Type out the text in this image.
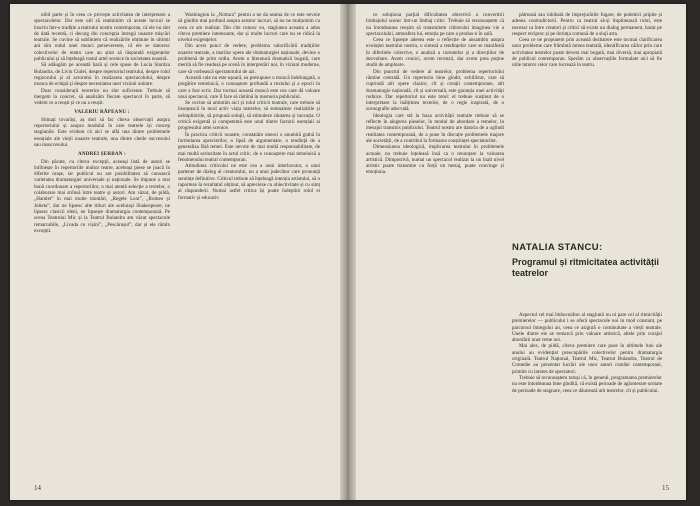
nibil parte și în ceea ce privește activitatea de interpretare a spectacolelor. Dar este util să reamintim că aceste lucruri se înscriu într-o tradiție a teatrului nostru contemporan, că ele nu sînt de dată recentă, ci decurg din concepția întregii noastre mișcări teatrale. Se cuvine să subliniem că realizările obținute în ultimii ani sînt rodul unei munci perseverente, că ele se datoresc colectivelor de teatru care au știut să răspundă exigențelor publicului și să înțeleagă rostul artei scenice în societatea noastră.

Să adăugăm pe această bază și cele spuse de Lucia Sturdza Bulandra, de Liviu Ciulei, despre repertoriul teatrului, despre rolul regizorului și al actorului în realizarea spectacolului, despre munca de echipă și despre necesitatea unei viziuni unitare.

Doar considerații teoretice nu sînt suficiente. Trebuie să mergem la concret, să analizăm fiecare spectacol în parte, să vedem ce a reușit și ce nu a reușit.

VALERIU RĂPEANU :

Stimați tovarăși, aș dori să fac cîteva observații asupra repertoriului și asupra modului în care teatrele își concep stagiunile. Este evident că aici se află una dintre problemele esențiale ale vieții noastre teatrale, una dintre cheile succesului sau insuccesului.

ANDREI ȘERBAN :

Din păcate, cu cîteva excepții, aceeași listă de autori se întîlnește în repertoriile multor teatre, aceleași piese se joacă în diferite orașe, iar publicul nu are posibilitatea să cunoască varietatea dramaturgiei universale și naționale. Se impune o mai bună coordonare a repertoriilor, o mai atentă selecție a textelor, o colaborare mai strînsă între teatre și autori. Am văzut, de pildă, „Hamlet” în mai multe montări, „Regele Lear”, „Romeo și Julieta”, dar ne lipsesc alte titluri ale aceluiași Shakespeare, ne lipsesc clasicii eleni, ne lipsește dramaturgia contemporană. Pe scena Teatrului Mic și la Teatrul Bulandra am văzut spectacole remarcabile, „Livada cu vișini”, „Pescărușul”, dar și ele rămîn excepții.

Washington la „Nottara” pentru a ne da seama de ce este nevoie să gîndim mai profund asupra acestor lucruri, să nu ne mulțumim cu ceea ce am realizat. Din cîte cunosc eu, stagiunea aceasta a adus cîteva premiere interesante, dar și multe lucruri care nu se ridică la nivelul exigențelor.

Din acest punct de vedere, problema valorificării tradițiilor noastre teatrale, a marilor opere ale dramaturgiei naționale, devine o problemă de prim ordin. Avem o literatură dramatică bogată, care merită să fie readusă pe scenă în interpretări noi, în viziuni moderne, care să vorbească spectatorului de azi.

Această cale nu este ușoară, ea presupune o muncă îndelungată, o pregătire temeinică, o cunoaștere profundă a textului și a epocii în care a fost scris. Dar tocmai această muncă este cea care dă valoare unui spectacol, care îl face să rămînă în memoria publicului.

Se cuvine să amintim aici și rolul criticii teatrale, care trebuie să însoțească în mod activ viața teatrelor, să semnaleze realizările și neîmplinirile, să propună soluții, să stimuleze căutarea și inovația. O critică exigentă și competentă este unul dintre factorii esențiali ai progresului artei scenice.

În practica criticii noastre, constatăm uneori o anumită grabă în formularea aprecierilor, o lipsă de argumentare, o tendință de a generaliza fără temei. Este nevoie de mai multă responsabilitate, de mai multă seriozitate în actul critic, de o cunoaștere mai temeinică a fenomenului teatral contemporan.

Atitudinea criticului ne este cea a unui interlocutor, a unui partener de dialog al creatorului, nu a unui judecător care pronunță sentințe definitive. Criticul trebuie să înțeleagă intenția artistului, să o raporteze la rezultatul obținut, să aprecieze cu obiectivitate și cu simț al răspunderii. Numai astfel critica își poate îndeplini rolul ei formativ și educativ.

14

ce soluționa parțial dificultatea obiectivă a convertirii limbajului scenic într-un limbaj critic. Trebuie să recunoaștem că nu întotdeauna reușim să transmitem cititorului imaginea vie a spectacolului, atmosfera lui, emoția pe care a produs-o în sală.

Ceea ce lipsește adesea este o reflecție de ansamblu asupra evoluției teatrului nostru, o sinteză a tendințelor care se manifestă în diferitele colective, o analiză a curentelor și a direcțiilor de dezvoltare. Avem cronici, avem recenzii, dar avem prea puține studii de amploare.

Din punctul de vedere al teatrelor, problema repertoriului rămîne centrală. Un repertoriu bine gîndit, echilibrat, care să cuprindă atît opere clasice, cît și creații contemporane, atît dramaturgie națională, cît și universală, este garanția unei activități rodnice. Dar repertoriul nu este totul: el trebuie susținut de o interpretare la înălțimea textelor, de o regie inspirată, de o scenografie adecvată.

Ideologia care stă la baza activității teatrale trebuie să se reflecte în alegerea pieselor, în modul de abordare a temelor, în mesajul transmis publicului. Teatrul nostru are datoria de a oglindi realitatea contemporană, de a pune în discuție problemele majore ale societății, de a contribui la formarea conștiinței spectatorilor.

Dimensiunea ideologică, implicarea teatrului în problemele actuale, nu trebuie înțeleasă însă ca o renunțare la valoarea artistică. Dimpotrivă, numai un spectacol realizat la un înalt nivel artistic poate transmite cu forță un mesaj, poate convinge și emoționa.

pătrunsă sau inhibată de împrejurările fugare, de polemici pripite și adesea contradictorii. Pentru ca teatrul să-și împlinească rolul, este necesar ca între creatori și critici să existe un dialog permanent, bazat pe respect reciproc și pe dorința comună de a sluji arta.

Ceea ce ne propunem prin această dezbatere este tocmai clarificarea unor probleme care frămîntă lumea teatrală, identificarea căilor prin care activitatea teatrelor poate deveni mai bogată, mai diversă, mai apropiată de publicul contemporan. Sperăm ca observațiile formulate aici să fie utile tuturor celor care lucrează în teatru.

NATALIA STANCU:

Programul și ritmicitatea activității teatrelor

Aspectul cel mai îmbucurător al stagiunii nu ni pare cel al ritmicității premierelor — publicului i se oferă spectacole noi în mod constant, pe parcursul întregului an, ceea ce asigură o continuitate a vieții teatrale. Unele dintre ele se remarcă prin valoare artistică, altele prin curajul abordării unor teme noi.

Mai ales, de pildă, cîteva premiere care puse în ultimele luni ale anului au evidențiat preocupările colectivelor pentru dramaturgia originală. Teatrul Național, Teatrul Mic, Teatrul Bulandra, Teatrul de Comedie au prezentat lucrări ale unor autori români contemporani, primite cu interes de spectatori.

Trebuie să recunoaștem totuși că, în general, programarea premierelor nu este întotdeauna bine gîndită, că există perioade de aglomerare urmate de perioade de stagnare, ceea ce dăunează atît teatrelor, cît și publicului.

15
